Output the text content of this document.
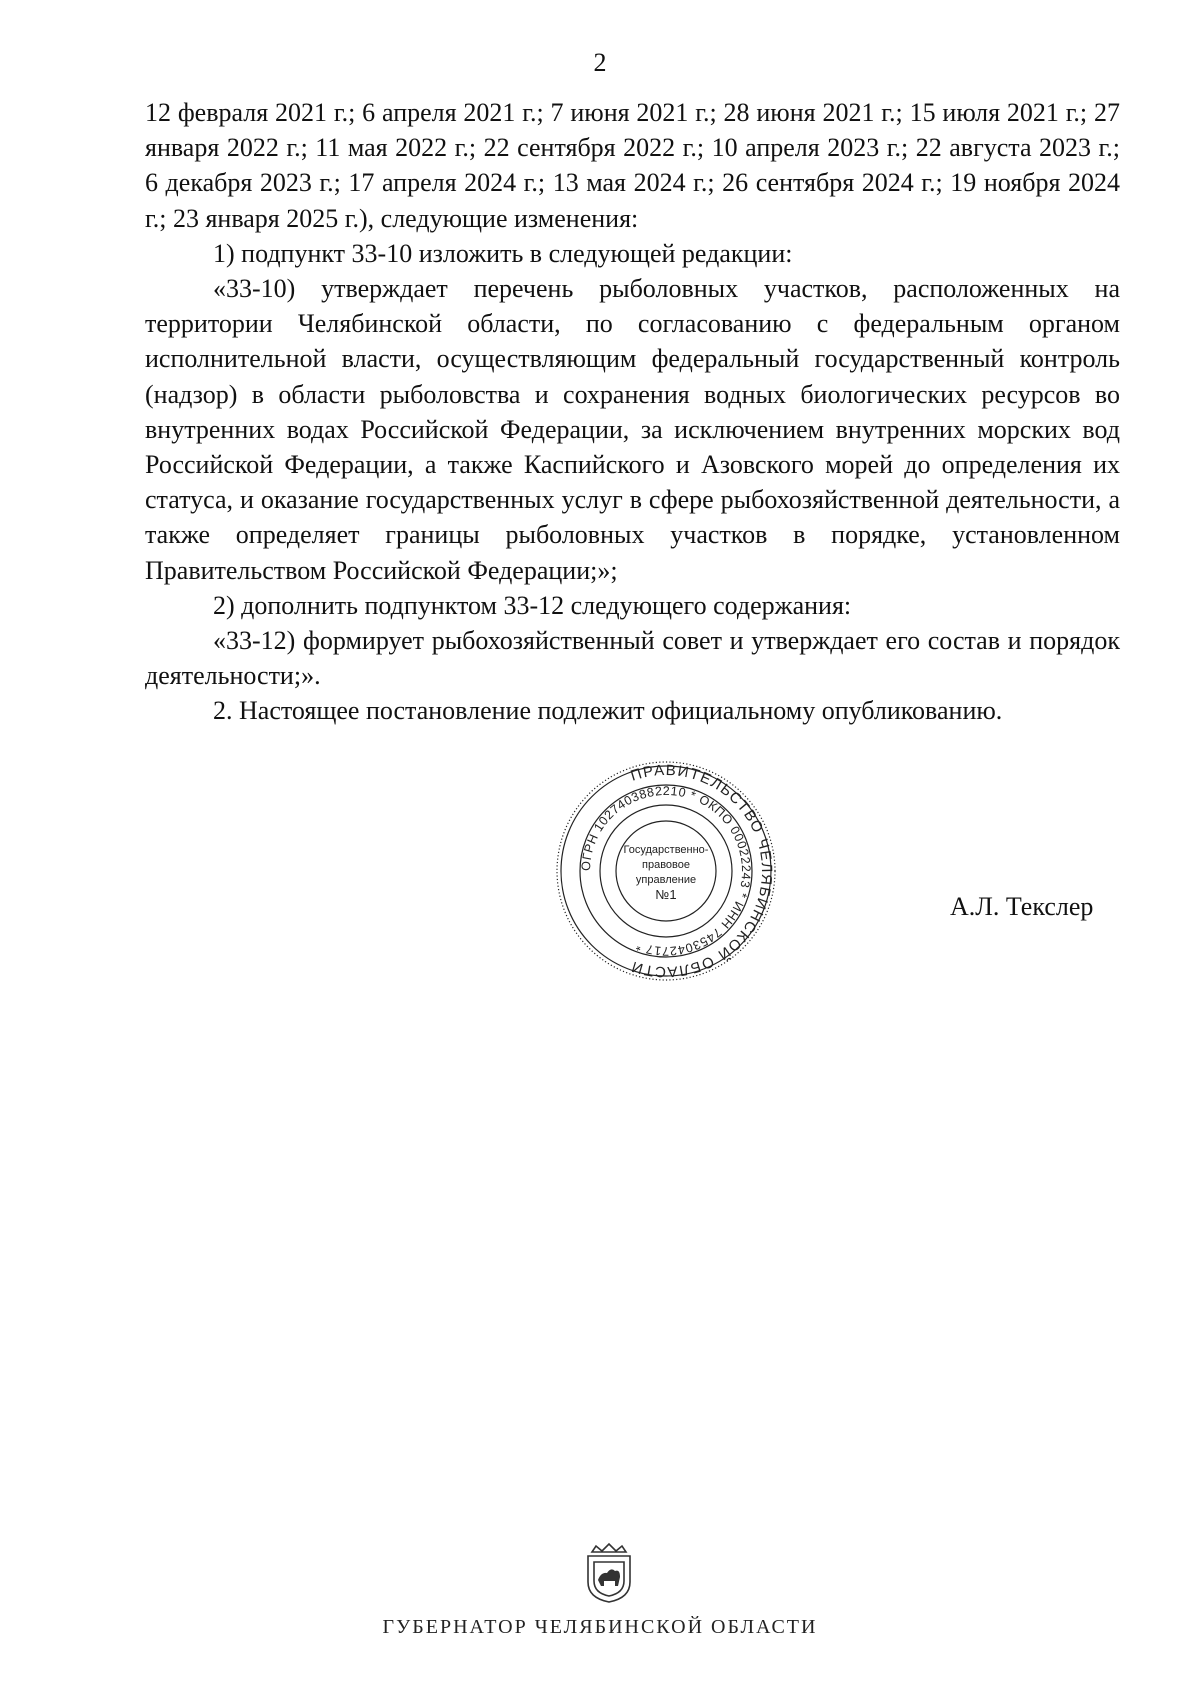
2

12 февраля 2021 г.; 6 апреля 2021 г.; 7 июня 2021 г.; 28 июня 2021 г.; 15 июля 2021 г.; 27 января 2022 г.; 11 мая 2022 г.; 22 сентября 2022 г.; 10 апреля 2023 г.; 22 августа 2023 г.; 6 декабря 2023 г.; 17 апреля 2024 г.; 13 мая 2024 г.; 26 сентября 2024 г.; 19 ноября 2024 г.; 23 января 2025 г.), следующие изменения:

1) подпункт 33-10 изложить в следующей редакции:

«33-10) утверждает перечень рыболовных участков, расположенных на территории Челябинской области, по согласованию с федеральным органом исполнительной власти, осуществляющим федеральный государственный контроль (надзор) в области рыболовства и сохранения водных биологических ресурсов во внутренних водах Российской Федерации, за исключением внутренних морских вод Российской Федерации, а также Каспийского и Азовского морей до определения их статуса, и оказание государственных услуг в сфере рыбохозяйственной деятельности, а также определяет границы рыболовных участков в порядке, установленном Правительством Российской Федерации;»;

2) дополнить подпунктом 33-12 следующего содержания:

«33-12) формирует рыбохозяйственный совет и утверждает его состав и порядок деятельности;».

2. Настоящее постановление подлежит официальному опубликованию.

ПРАВИТЕЛЬСТВО ЧЕЛЯБИНСКОЙ ОБЛАСТИ
ОГРН 1027403882210 * ОКПО 00022243 * ИНН 7453042717 *
Государственно-
правовое
управление
№1	А.Л. Текслер
ГУБЕРНАТОР ЧЕЛЯБИНСКОЙ ОБЛАСТИ
